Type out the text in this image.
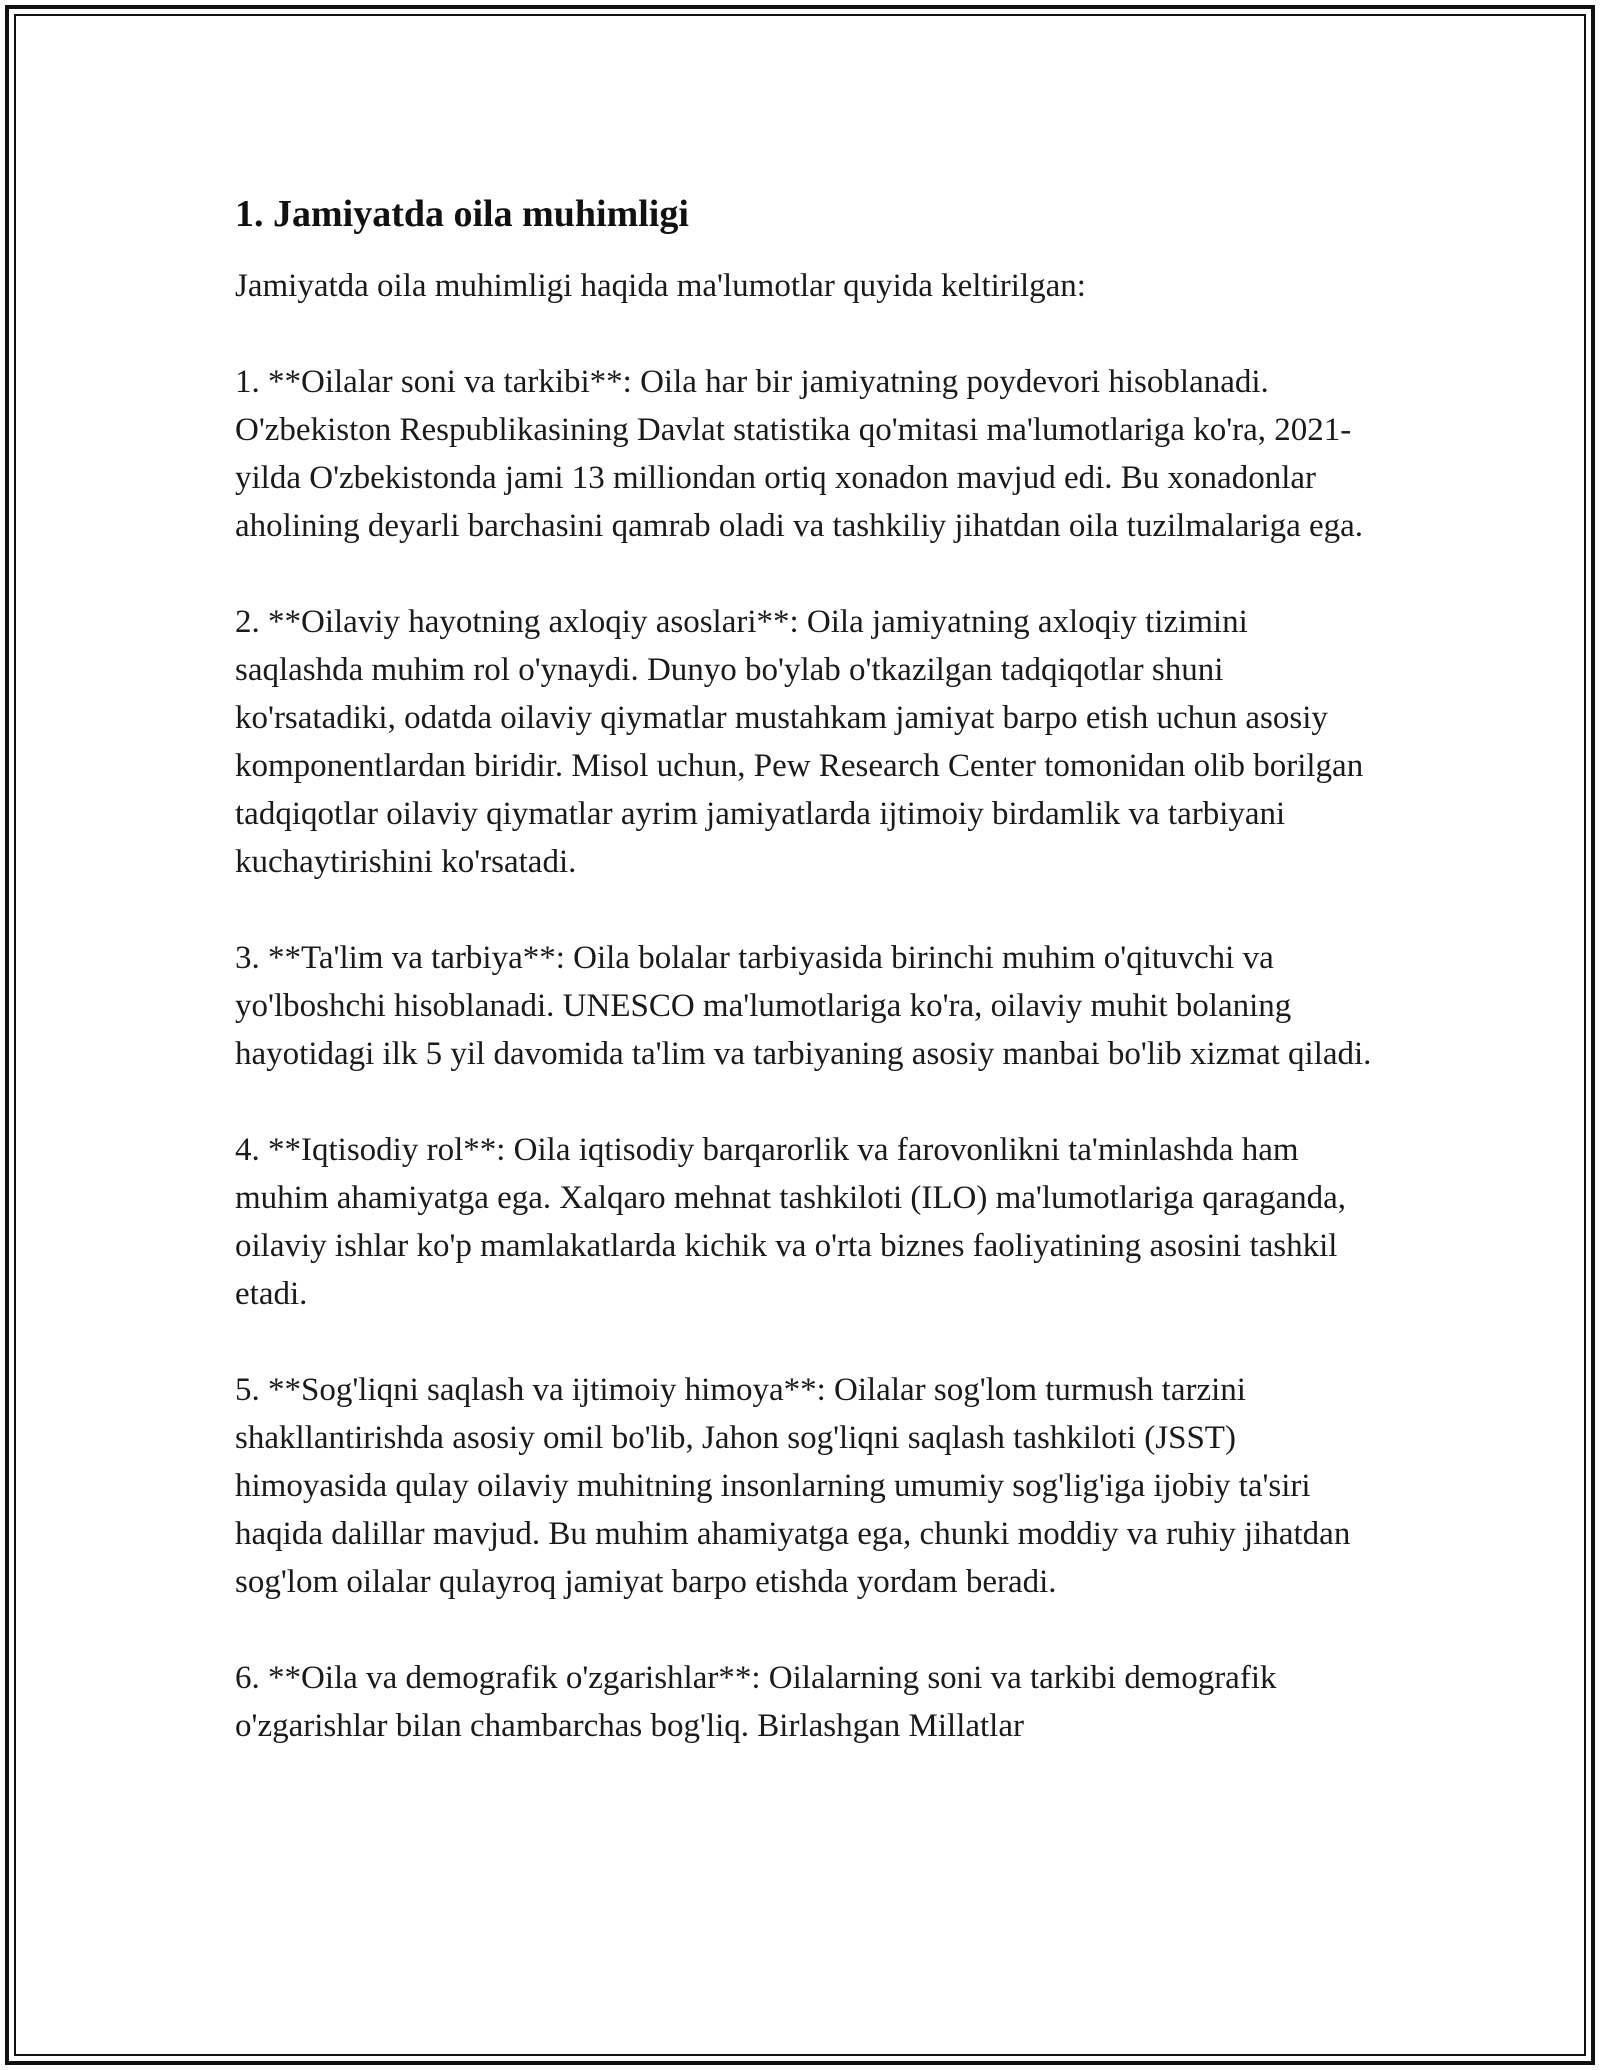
1. Jamiyatda oila muhimligi

Jamiyatda oila muhimligi haqida ma'lumotlar quyida keltirilgan:

1. **Oilalar soni va tarkibi**: Oila har bir jamiyatning poydevori hisoblanadi. O'zbekiston Respublikasining Davlat statistika qo'mitasi ma'lumotlariga ko'ra, 2021-yilda O'zbekistonda jami 13 milliondan ortiq xonadon mavjud edi. Bu xonadonlar aholining deyarli barchasini qamrab oladi va tashkiliy jihatdan oila tuzilmalariga ega.

2. **Oilaviy hayotning axloqiy asoslari**: Oila jamiyatning axloqiy tizimini saqlashda muhim rol o'ynaydi. Dunyo bo'ylab o'tkazilgan tadqiqotlar shuni ko'rsatadiki, odatda oilaviy qiymatlar mustahkam jamiyat barpo etish uchun asosiy komponentlardan biridir. Misol uchun, Pew Research Center tomonidan olib borilgan tadqiqotlar oilaviy qiymatlar ayrim jamiyatlarda ijtimoiy birdamlik va tarbiyani kuchaytirishini ko'rsatadi.

3. **Ta'lim va tarbiya**: Oila bolalar tarbiyasida birinchi muhim o'qituvchi va yo'lboshchi hisoblanadi. UNESCO ma'lumotlariga ko'ra, oilaviy muhit bolaning hayotidagi ilk 5 yil davomida ta'lim va tarbiyaning asosiy manbai bo'lib xizmat qiladi.

4. **Iqtisodiy rol**: Oila iqtisodiy barqarorlik va farovonlikni ta'minlashda ham muhim ahamiyatga ega. Xalqaro mehnat tashkiloti (ILO) ma'lumotlariga qaraganda, oilaviy ishlar ko'p mamlakatlarda kichik va o'rta biznes faoliyatining asosini tashkil etadi.

5. **Sog'liqni saqlash va ijtimoiy himoya**: Oilalar sog'lom turmush tarzini shakllantirishda asosiy omil bo'lib, Jahon sog'liqni saqlash tashkiloti (JSST) himoyasida qulay oilaviy muhitning insonlarning umumiy sog'lig'iga ijobiy ta'siri haqida dalillar mavjud. Bu muhim ahamiyatga ega, chunki moddiy va ruhiy jihatdan sog'lom oilalar qulayroq jamiyat barpo etishda yordam beradi.

6. **Oila va demografik o'zgarishlar**: Oilalarning soni va tarkibi demografik o'zgarishlar bilan chambarchas bog'liq. Birlashgan Millatlar
